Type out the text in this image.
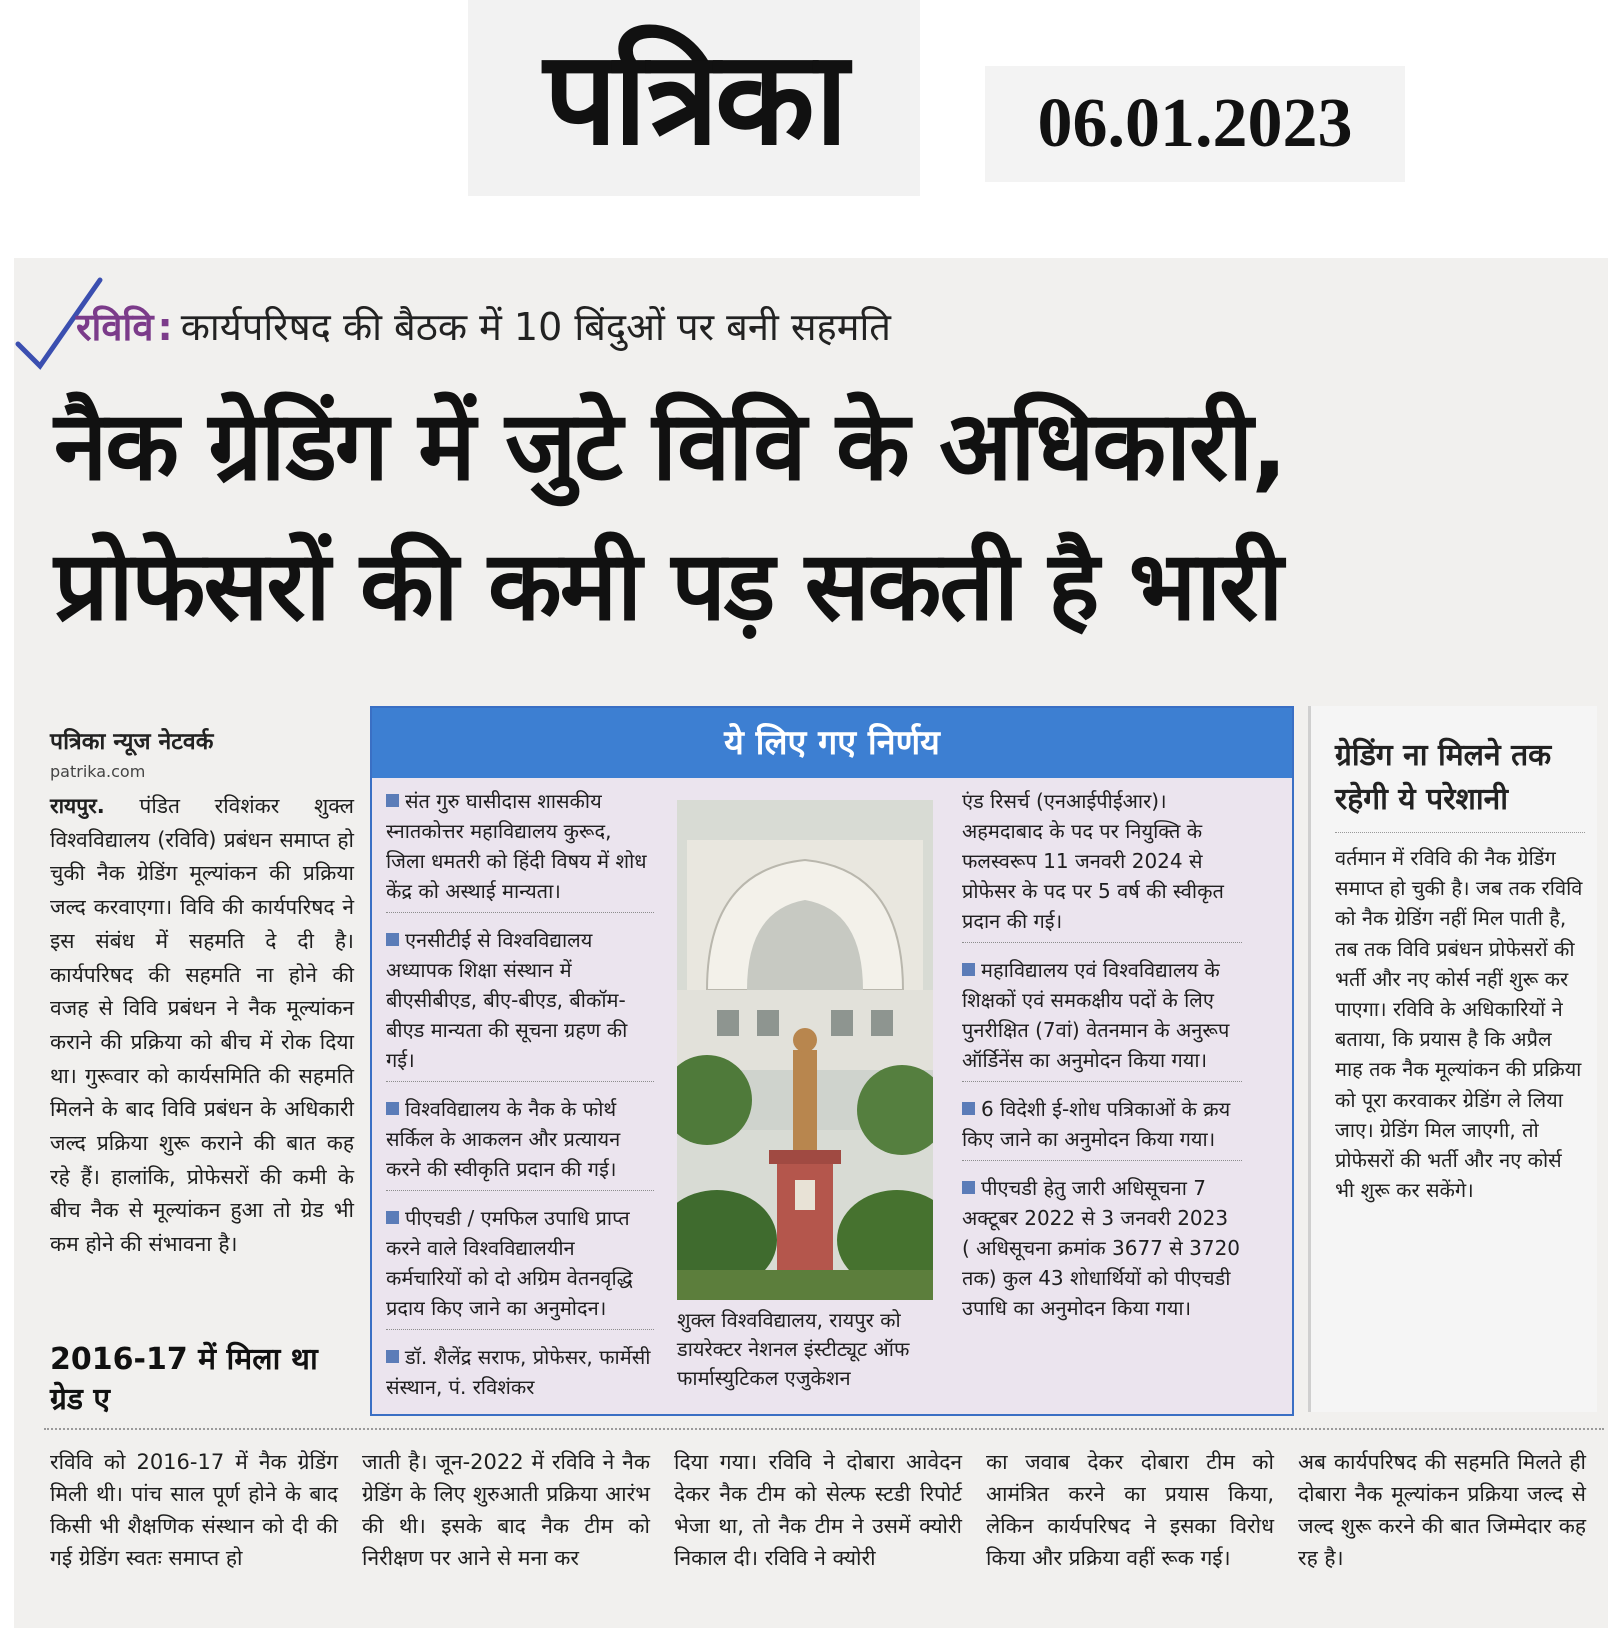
पत्रिका	06.01.2023
रविवि : कार्यपरिषद की बैठक में 10 बिंदुओं पर बनी सहमति
नैक ग्रेडिंग में जुटे विवि के अधिकारी,
प्रोफेसरों की कमी पड़ सकती है भारी
पत्रिका न्यूज नेटवर्क
patrika.com
रायपुर. पंडित रविशंकर शुक्ल विश्वविद्यालय (रविवि) प्रबंधन समाप्त हो चुकी नैक ग्रेडिंग मूल्यांकन की प्रक्रिया जल्द करवाएगा। विवि की कार्यपरिषद ने इस संबंध में सहमति दे दी है। कार्यपरिषद की सहमति ना होने की वजह से विवि प्रबंधन ने नैक मूल्यांकन कराने की प्रक्रिया को बीच में रोक दिया था। गुरूवार को कार्यसमिति की सहमति मिलने के बाद विवि प्रबंधन के अधिकारी जल्द प्रक्रिया शुरू कराने की बात कह रहे हैं। हालांकि, प्रोफेसरों की कमी के बीच नैक से मूल्यांकन हुआ तो ग्रेड भी कम होने की संभावना है।
2016-17 में मिला था ग्रेड ए
ये लिए गए निर्णय
संत गुरु घासीदास शासकीय स्नातकोत्तर महाविद्यालय कुरूद, जिला धमतरी को हिंदी विषय में शोध केंद्र को अस्थाई मान्यता।
एनसीटीई से विश्वविद्यालय अध्यापक शिक्षा संस्थान में बीएसीबीएड, बीए-बीएड, बीकॉम-बीएड मान्यता की सूचना ग्रहण की गई।
विश्वविद्यालय के नैक के फोर्थ सर्किल के आकलन और प्रत्यायन करने की स्वीकृति प्रदान की गई।
पीएचडी / एमफिल उपाधि प्राप्त करने वाले विश्वविद्यालयीन कर्मचारियों को दो अग्रिम वेतनवृद्धि प्रदाय किए जाने का अनुमोदन।
डॉ. शैलेंद्र सराफ, प्रोफेसर, फार्मेसी संस्थान, पं. रविशंकर
शुक्ल विश्वविद्यालय, रायपुर को डायरेक्टर नेशनल इंस्टीट्यूट ऑफ फार्मास्युटिकल एजुकेशन
एंड रिसर्च (एनआईपीईआर)। अहमदाबाद के पद पर नियुक्ति के फलस्वरूप 11 जनवरी 2024 से प्रोफेसर के पद पर 5 वर्ष की स्वीकृत प्रदान की गई।
महाविद्यालय एवं विश्वविद्यालय के शिक्षकों एवं समकक्षीय पदों के लिए पुनरीक्षित (7वां) वेतनमान के अनुरूप ऑर्डिनेंस का अनुमोदन किया गया।
6 विदेशी ई-शोध पत्रिकाओं के क्रय किए जाने का अनुमोदन किया गया।
पीएचडी हेतु जारी अधिसूचना 7 अक्टूबर 2022 से 3 जनवरी 2023 ( अधिसूचना क्रमांक 3677 से 3720 तक) कुल 43 शोधार्थियों को पीएचडी उपाधि का अनुमोदन किया गया।
ग्रेडिंग ना मिलने तक रहेगी ये परेशानी
वर्तमान में रविवि की नैक ग्रेडिंग समाप्त हो चुकी है। जब तक रविवि को नैक ग्रेडिंग नहीं मिल पाती है, तब तक विवि प्रबंधन प्रोफेसरों की भर्ती और नए कोर्स नहीं शुरू कर पाएगा। रविवि के अधिकारियों ने बताया, कि प्रयास है कि अप्रैल माह तक नैक मूल्यांकन की प्रक्रिया को पूरा करवाकर ग्रेडिंग ले लिया जाए। ग्रेडिंग मिल जाएगी, तो प्रोफेसरों की भर्ती और नए कोर्स भी शुरू कर सकेंगे।
रविवि को 2016-17 में नैक ग्रेडिंग मिली थी। पांच साल पूर्ण होने के बाद किसी भी शैक्षणिक संस्थान को दी की गई ग्रेडिंग स्वतः समाप्त हो
जाती है। जून-2022 में रविवि ने नैक ग्रेडिंग के लिए शुरुआती प्रक्रिया आरंभ की थी। इसके बाद नैक टीम को निरीक्षण पर आने से मना कर
दिया गया। रविवि ने दोबारा आवेदन देकर नैक टीम को सेल्फ स्टडी रिपोर्ट भेजा था, तो नैक टीम ने उसमें क्योरी निकाल दी। रविवि ने क्योरी
का जवाब देकर दोबारा टीम को आमंत्रित करने का प्रयास किया, लेकिन कार्यपरिषद ने इसका विरोध किया और प्रक्रिया वहीं रूक गई।
अब कार्यपरिषद की सहमति मिलते ही दोबारा नैक मूल्यांकन प्रक्रिया जल्द से जल्द शुरू करने की बात जिम्मेदार कह रह है।
